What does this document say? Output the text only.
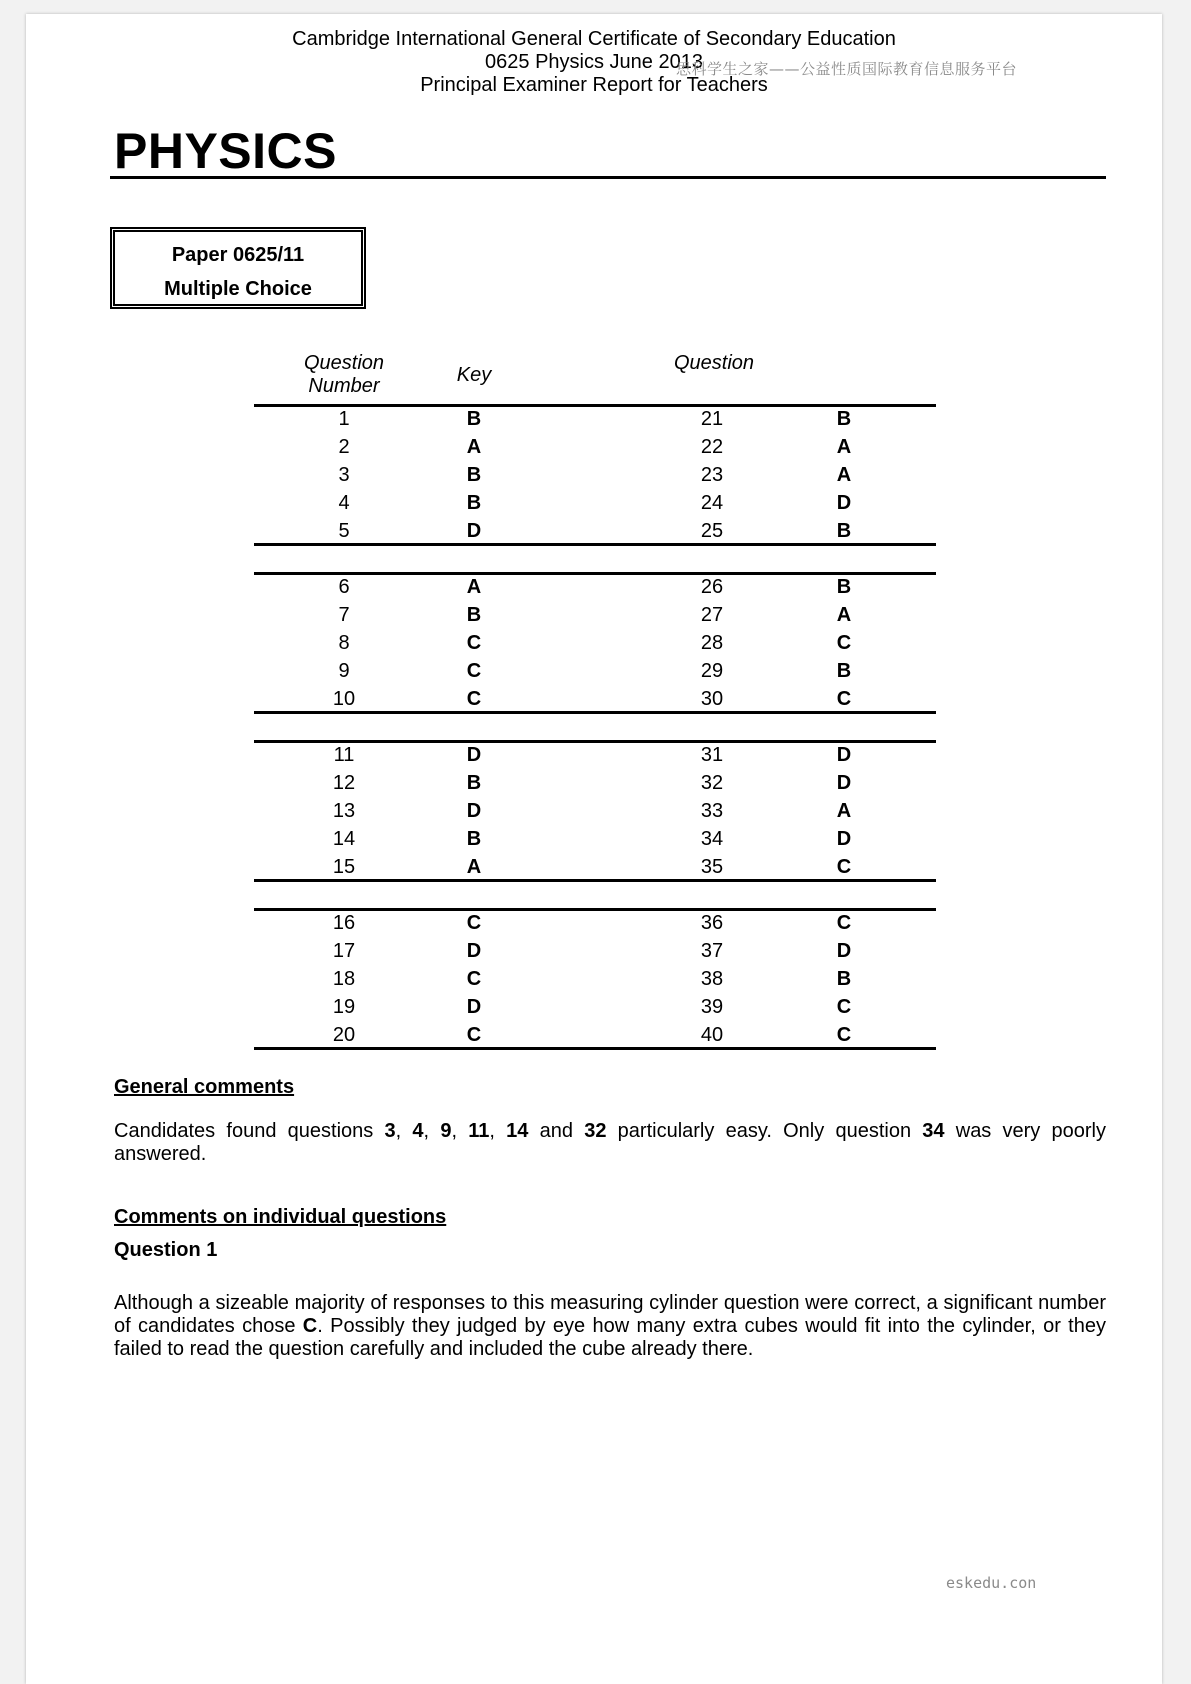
Cambridge International General Certificate of Secondary Education
0625 Physics June 2013
Principal Examiner Report for Teachers
思科学生之家——公益性质国际教育信息服务平台
PHYSICS
Paper 0625/11
Multiple Choice
Question Number	Key
Question
1	B	21	B
2	A	22	A
3	B	23	A
4	B	24	D
5	D	25	B
6	A	26	B
7	B	27	A
8	C	28	C
9	C	29	B
10	C	30	C
11	D	31	D
12	B	32	D
13	D	33	A
14	B	34	D
15	A	35	C
16	C	36	C
17	D	37	D
18	C	38	B
19	D	39	C
20	C	40	C
General comments
Candidates found questions 3, 4, 9, 11, 14 and 32 particularly easy. Only question 34 was very poorly answered.
Comments on individual questions
Question 1
Although a sizeable majority of responses to this measuring cylinder question were correct, a significant number of candidates chose C. Possibly they judged by eye how many extra cubes would fit into the cylinder, or they failed to read the question carefully and included the cube already there.
eskedu.con
